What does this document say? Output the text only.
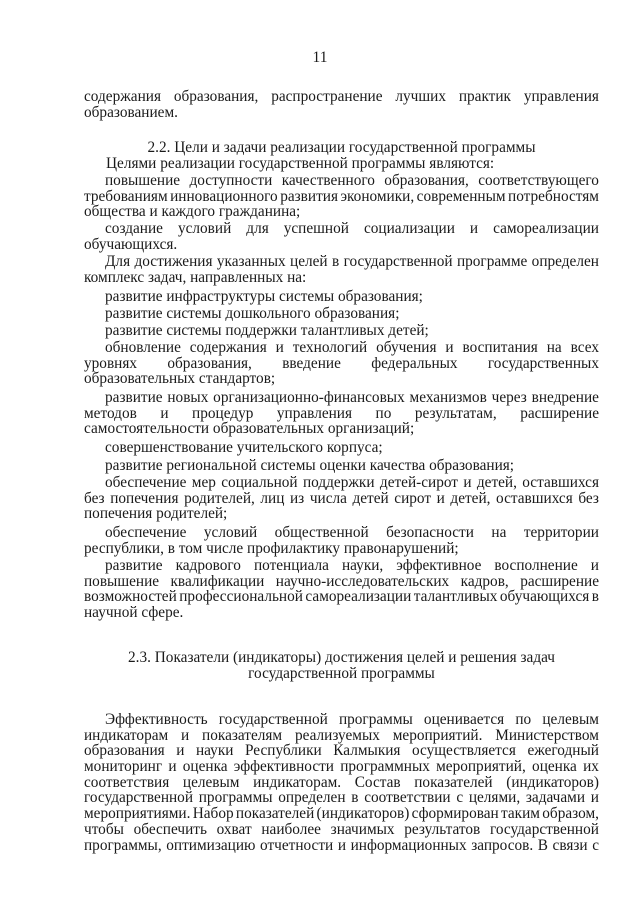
11
содержания образования, распространение лучших практик управления
образованием.
2.2. Цели и задачи реализации государственной программы
Целями реализации государственной программы являются:
повышение доступности качественного образования, соответствующего
требованиям инновационного развития экономики, современным потребностям
общества и каждого гражданина;
создание условий для успешной социализации и самореализации
обучающихся.
Для достижения указанных целей в государственной программе определен
комплекс задач, направленных на:
развитие инфраструктуры системы образования;
развитие системы дошкольного образования;
развитие системы поддержки талантливых детей;
обновление содержания и технологий обучения и воспитания на всех
уровнях образования, введение федеральных государственных
образовательных стандартов;
развитие новых организационно-финансовых механизмов через внедрение
методов и процедур управления по результатам, расширение
самостоятельности образовательных организаций;
совершенствование учительского корпуса;
развитие региональной системы оценки качества образования;
обеспечение мер социальной поддержки детей-сирот и детей, оставшихся
без попечения родителей, лиц из числа детей сирот и детей, оставшихся без
попечения родителей;
обеспечение условий общественной безопасности на территории
республики, в том числе профилактику правонарушений;
развитие кадрового потенциала науки, эффективное восполнение и
повышение квалификации научно-исследовательских кадров, расширение
возможностей профессиональной самореализации талантливых обучающихся в
научной сфере.
2.3. Показатели (индикаторы) достижения целей и решения задач
государственной программы
Эффективность государственной программы оценивается по целевым
индикаторам и показателям реализуемых мероприятий. Министерством
образования и науки Республики Калмыкия осуществляется ежегодный
мониторинг и оценка эффективности программных мероприятий, оценка их
соответствия целевым индикаторам. Состав показателей (индикаторов)
государственной программы определен в соответствии с целями, задачами и
мероприятиями. Набор показателей (индикаторов) сформирован таким образом,
чтобы обеспечить охват наиболее значимых результатов государственной
программы, оптимизацию отчетности и информационных запросов. В связи с
